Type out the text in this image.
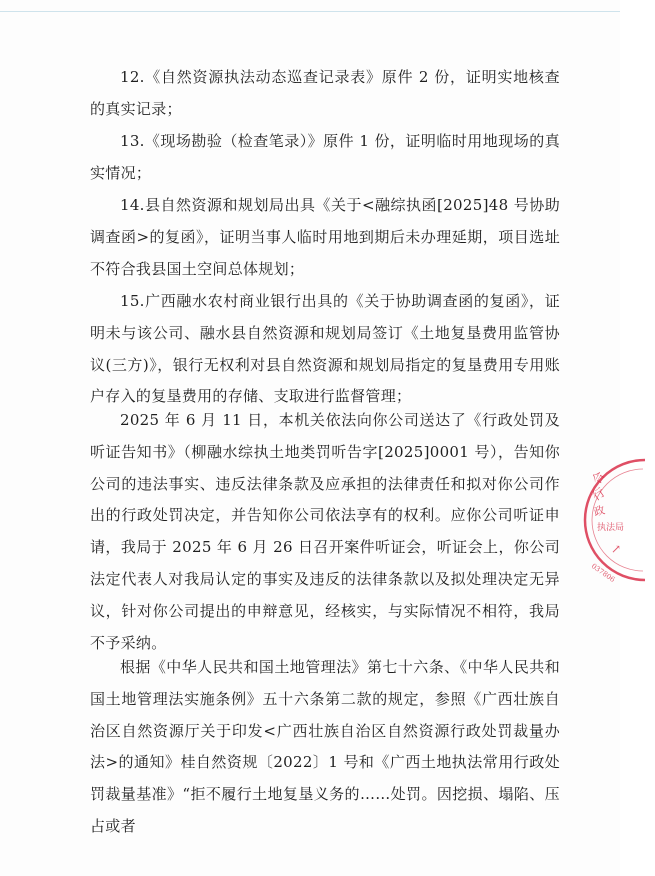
12.《自然资源执法动态巡查记录表》原件 2 份，证明实地核查的真实记录；

13.《现场勘验（检查笔录）》原件 1 份，证明临时用地现场的真实情况；

14.县自然资源和规划局出具《关于<融综执函[2025]48 号协助调查函>的复函》，证明当事人临时用地到期后未办理延期，项目选址不符合我县国土空间总体规划；

15.广西融水农村商业银行出具的《关于协助调查函的复函》，证明未与该公司、融水县自然资源和规划局签订《土地复垦费用监管协议(三方)》，银行无权利对县自然资源和规划局指定的复垦费用专用账户存入的复垦费用的存储、支取进行监督管理；

2025 年 6 月 11 日，本机关依法向你公司送达了《行政处罚及听证告知书》（柳融水综执土地类罚听告字[2025]0001 号），告知你公司的违法事实、违反法律条款及应承担的法律责任和拟对你公司作出的行政处罚决定，并告知你公司依法享有的权利。应你公司听证申请，我局于 2025 年 6 月 26 日召开案件听证会，听证会上，你公司法定代表人对我局认定的事实及违反的法律条款以及拟处理决定无异议，针对你公司提出的申辩意见，经核实，与实际情况不相符，我局不予采纳。

根据《中华人民共和国土地管理法》第七十六条、《中华人民共和国土地管理法实施条例》五十六条第二款的规定，参照《广西壮族自治区自然资源厅关于印发<广西壮族自治区自然资源行政处罚裁量办法>的通知》桂自然资规〔2022〕1 号和《广西土地执法常用行政处罚裁量基准》“拒不履行土地复垦义务的……处罚。因挖损、塌陷、压占或者

合
行
政
执法局
↗
037806
